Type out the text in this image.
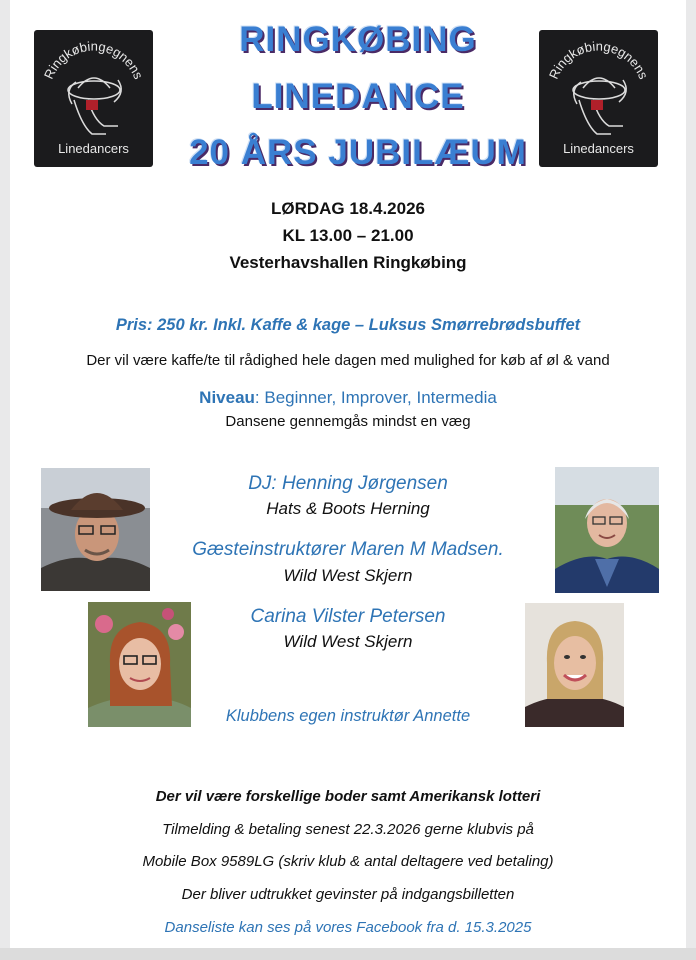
Ringkøbingegnens
Linedancers
Ringkøbingegnens
Linedancers
RINGKØBING
LINEDANCE
20 ÅRS JUBILÆUM
LØRDAG 18.4.2026
KL 13.00 – 21.00
Vesterhavshallen Ringkøbing
Pris: 250 kr. Inkl. Kaffe & kage – Luksus Smørrebrødsbuffet
Der vil være kaffe/te til rådighed hele dagen med mulighed for køb af øl & vand
Niveau: Beginner, Improver, Intermedia
Dansene gennemgås mindst en væg
DJ: Henning Jørgensen
Hats & Boots Herning
Gæsteinstruktører Maren M Madsen.
Wild West Skjern
Carina Vilster Petersen
Wild West Skjern
Klubbens egen instruktør Annette
Der vil være forskellige boder samt Amerikansk lotteri
Tilmelding & betaling senest 22.3.2026 gerne klubvis på
Mobile Box 9589LG (skriv klub & antal deltagere ved betaling)
Der bliver udtrukket gevinster på indgangsbilletten
Danseliste kan ses på vores Facebook fra d. 15.3.2025
